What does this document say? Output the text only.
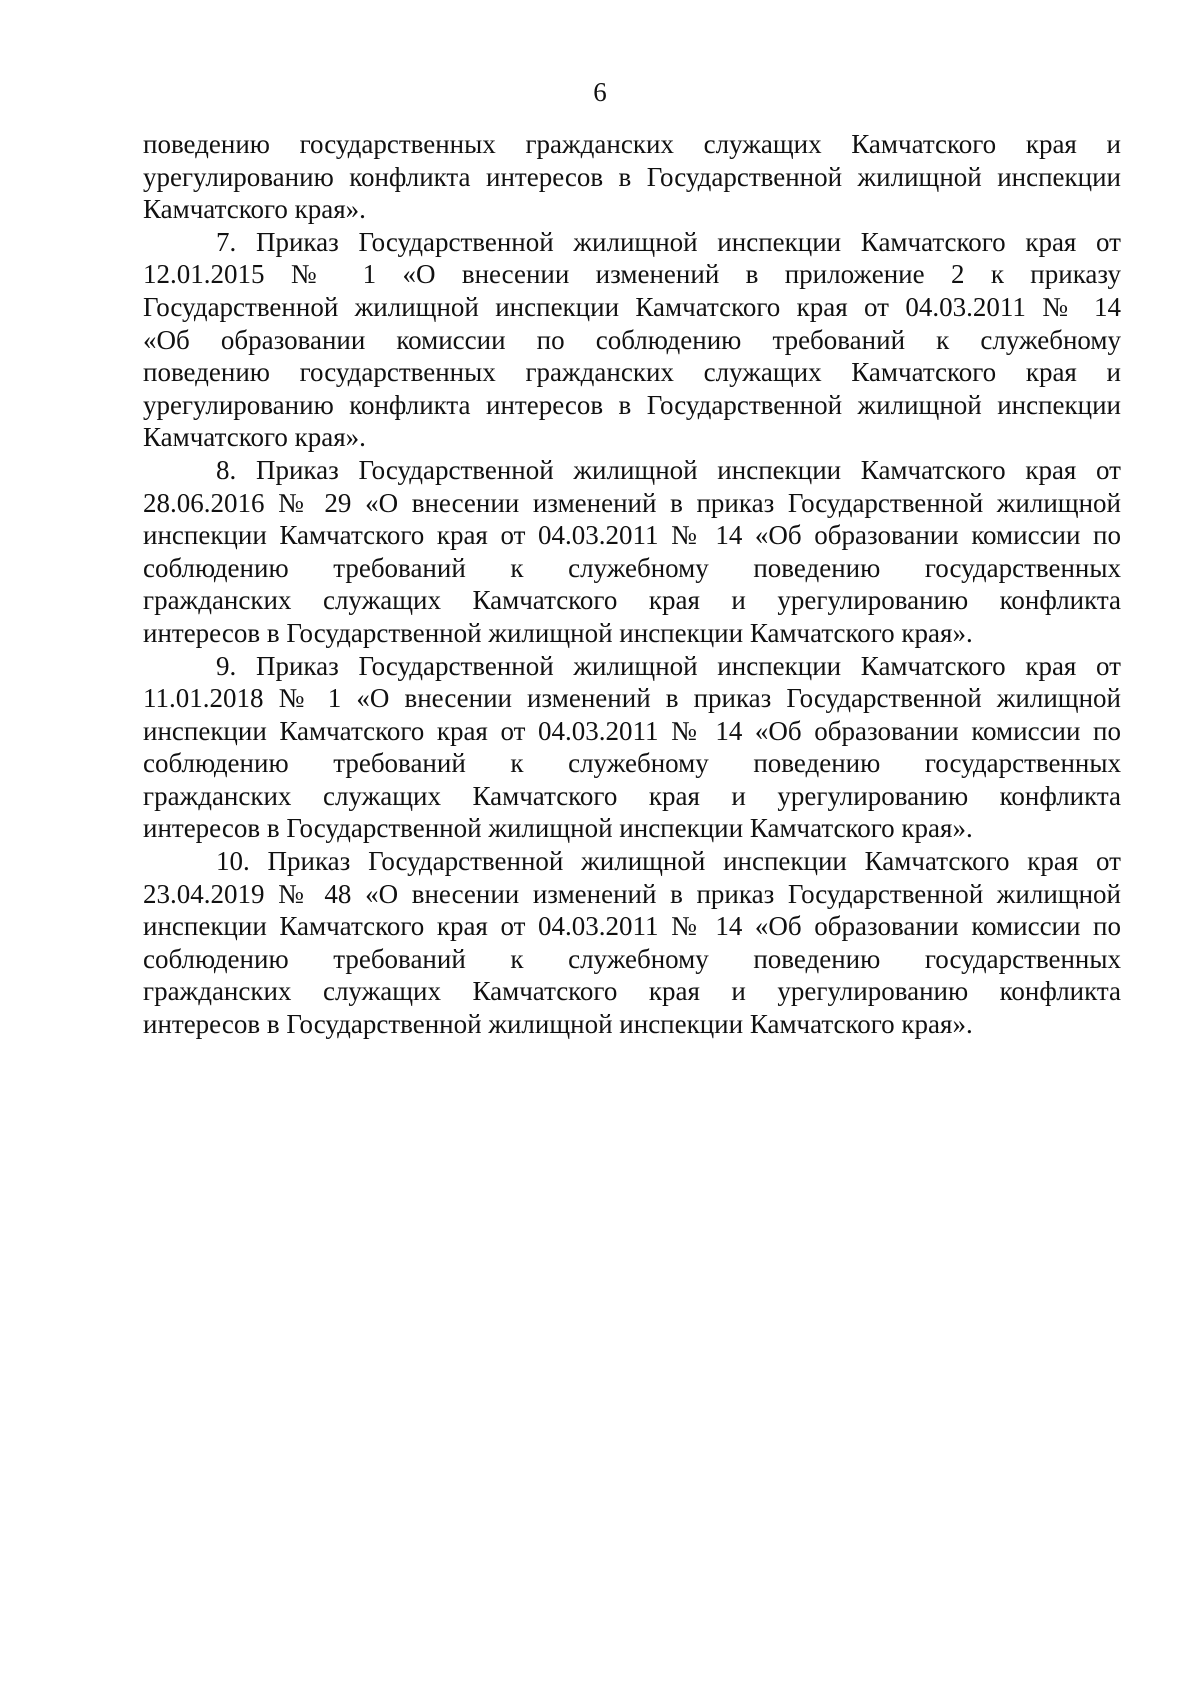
6
поведению государственных гражданских служащих Камчатского края и
урегулированию конфликта интересов в Государственной жилищной инспекции
Камчатского края».
7. Приказ Государственной жилищной инспекции Камчатского края от
12.01.2015 № 1 «О внесении изменений в приложение 2 к приказу
Государственной жилищной инспекции Камчатского края от 04.03.2011 № 14
«Об образовании комиссии по соблюдению требований к служебному
поведению государственных гражданских служащих Камчатского края и
урегулированию конфликта интересов в Государственной жилищной инспекции
Камчатского края».
8. Приказ Государственной жилищной инспекции Камчатского края от
28.06.2016 № 29 «О внесении изменений в приказ Государственной жилищной
инспекции Камчатского края от 04.03.2011 № 14 «Об образовании комиссии по
соблюдению требований к служебному поведению государственных
гражданских служащих Камчатского края и урегулированию конфликта
интересов в Государственной жилищной инспекции Камчатского края».
9. Приказ Государственной жилищной инспекции Камчатского края от
11.01.2018 № 1 «О внесении изменений в приказ Государственной жилищной
инспекции Камчатского края от 04.03.2011 № 14 «Об образовании комиссии по
соблюдению требований к служебному поведению государственных
гражданских служащих Камчатского края и урегулированию конфликта
интересов в Государственной жилищной инспекции Камчатского края».
10. Приказ Государственной жилищной инспекции Камчатского края от
23.04.2019 № 48 «О внесении изменений в приказ Государственной жилищной
инспекции Камчатского края от 04.03.2011 № 14 «Об образовании комиссии по
соблюдению требований к служебному поведению государственных
гражданских служащих Камчатского края и урегулированию конфликта
интересов в Государственной жилищной инспекции Камчатского края».
